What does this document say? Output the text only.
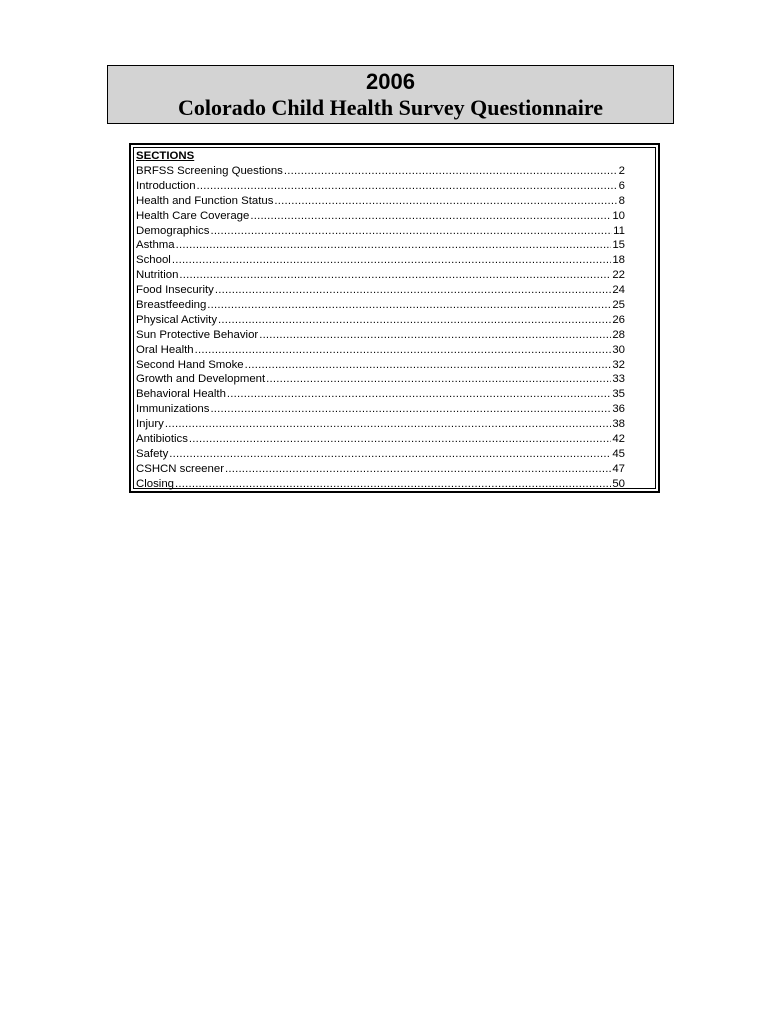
2006
Colorado Child Health Survey Questionnaire
SECTIONS
BRFSS Screening Questions .....	2
Introduction .....	6
Health and Function Status .....	8
Health Care Coverage .....	10
Demographics .....	11
Asthma .....	15
School .....	18
Nutrition .....	22
Food Insecurity .....	24
Breastfeeding .....	25
Physical Activity .....	26
Sun Protective Behavior .....	28
Oral Health .....	30
Second Hand Smoke .....	32
Growth and Development .....	33
Behavioral Health .....	35
Immunizations .....	36
Injury .....	38
Antibiotics .....	42
Safety .....	45
CSHCN screener .....	47
Closing .....	50
